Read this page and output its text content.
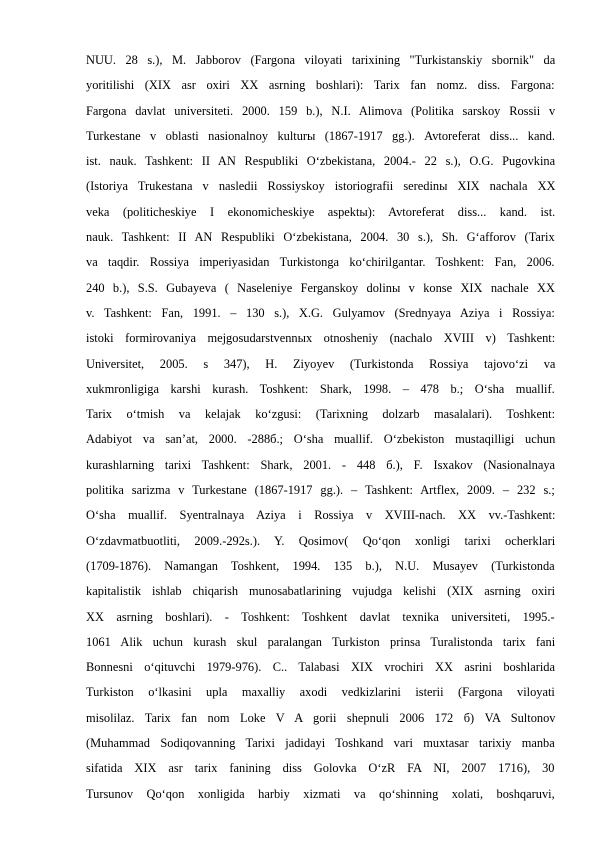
NUU. 28 s.), M. Jabborov (Fargona viloyati tarixining "Turkistanskiy sbornik" da
yoritilishi (XIX asr oxiri XX asrning boshlari): Tarix fan nomz. diss. Fargona:
Fargona davlat universiteti. 2000. 159 b.), N.I. Alimova (Politika sarskoy Rossii v
Turkestane v oblasti nasionalnoy kulturы (1867-1917 gg.). Avtoreferat diss... kand.
ist. nauk. Tashkent: II AN Respubliki O‘zbekistana, 2004.- 22 s.), O.G. Pugovkina
(Istoriya Trukestana v nasledii Rossiyskoy istoriografii seredinы XIX nachala XX
veka (politicheskiye I ekonomicheskiye aspektы): Avtoreferat diss... kand. ist.
nauk. Tashkent: II AN Respubliki O‘zbekistana, 2004. 30 s.), Sh. G‘afforov (Tarix
va taqdir. Rossiya imperiyasidan Turkistonga ko‘chirilgantar. Toshkent: Fan, 2006.
240 b.), S.S. Gubayeva ( Naseleniye Ferganskoy dolinы v konse XIX nachale XX
v. Tashkent: Fan, 1991. – 130 s.), X.G. Gulyamov (Srednyaya Aziya i Rossiya:
istoki formirovaniya mejgosudarstvennых otnosheniy (nachalo XVIII v) Tashkent:
Universitet, 2005. s 347), H. Ziyoyev (Turkistonda Rossiya tajovo‘zi va
xukmronligiga karshi kurash. Toshkent: Shark, 1998. – 478 b.; O‘sha muallif.
Tarix o‘tmish va kelajak ko‘zgusi: (Tarixning dolzarb masalalari). Toshkent:
Adabiyot va san’at, 2000. -288б.; O‘sha muallif. O‘zbekiston mustaqilligi uchun
kurashlarning tarixi Tashkent: Shark, 2001. - 448 б.), F. Isxakov (Nasionalnaya
politika sarizma v Turkestane (1867-1917 gg.). – Tashkent: Artflex, 2009. – 232 s.;
O‘sha muallif. Syentralnaya Aziya i Rossiya v XVIII-nach. XX vv.-Tashkent:
O‘zdavmatbuotliti, 2009.-292s.). Y. Qosimov( Qo‘qon xonligi tarixi ocherklari
(1709-1876). Namangan Toshkent, 1994. 135 b.), N.U. Musayev (Turkistonda
kapitalistik ishlab chiqarish munosabatlarining vujudga kelishi (XIX asrning oxiri
XX asrning boshlari). - Toshkent: Toshkent davlat texnika universiteti, 1995.-
1061 Alik uchun kurash skul paralangan Turkiston prinsa Turalistonda tarix fani
Bonnesni o‘qituvchi 1979-976). C.. Talabasi XIX vrochiri XX asrini boshlarida
Turkiston o‘lkasini upla maxalliy axodi vedkizlarini isterii (Fargona viloyati
misolilaz. Tarix fan nom Loke V A gorii shepnuli 2006 172 б) VA Sultonov
(Muhammad Sodiqovanning Tarixi jadidayi Toshkand vari muxtasar tarixiy manba
sifatida XIX asr tarix fanining diss Golovka O‘zR FA NI, 2007 1716), 30
Tursunov Qo‘qon xonligida harbiy xizmati va qo‘shinning xolati, boshqaruvi,
